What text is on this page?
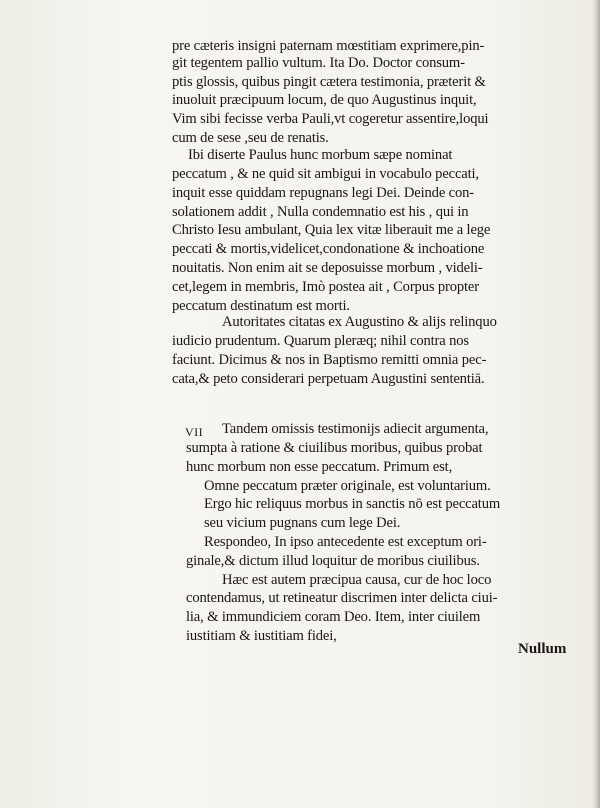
pre cæteris insigni paternam mœstitiam exprimere,pin-
git tegentem pallio vultum. Ita Do. Doctor consum-
ptis glossis, quibus pingit cætera testimonia, præterit &
inuoluit præcipuum locum, de quo Augustinus inquit,
Vim sibi fecisse verba Pauli,vt cogeretur assentire,loqui
cum de sese ,seu de renatis.
Ibi diserte Paulus hunc morbum sæpe nominat
peccatum , & ne quid sit ambigui in vocabulo peccati,
inquit esse quiddam repugnans legi Dei. Deinde con-
solationem addit , Nulla condemnatio est his , qui in
Christo Iesu ambulant, Quia lex vitæ liberauit me a lege
peccati & mortis,videlicet,condonatione & inchoatione
nouitatis. Non enim ait se deposuisse morbum , videli-
cet,legem in membris, Imò postea ait , Corpus propter
peccatum destinatum est morti.
Autoritates citatas ex Augustino & alijs relinquo
iudicio prudentum. Quarum pleræq; nihil contra nos
faciunt. Dicimus & nos in Baptismo remitti omnia pec-
cata,& peto considerari perpetuam Augustini sententiā.
VII Tandem omissis testimonijs adiecit argumenta,
sumpta à ratione & ciuilibus moribus, quibus probat
hunc morbum non esse peccatum. Primum est,
Omne peccatum præter originale, est voluntarium.
Ergo hic reliquus morbus in sanctis nō est peccatum
seu vicium pugnans cum lege Dei.
Respondeo, In ipso antecedente est exceptum ori-
ginale,& dictum illud loquitur de moribus ciuilibus.
Hæc est autem præcipua causa, cur de hoc loco
contendamus, ut retineatur discrimen inter delicta ciui-
lia, & immundiciem coram Deo. Item, inter ciuilem
iustitiam & iustitiam fidei,
Nullum
